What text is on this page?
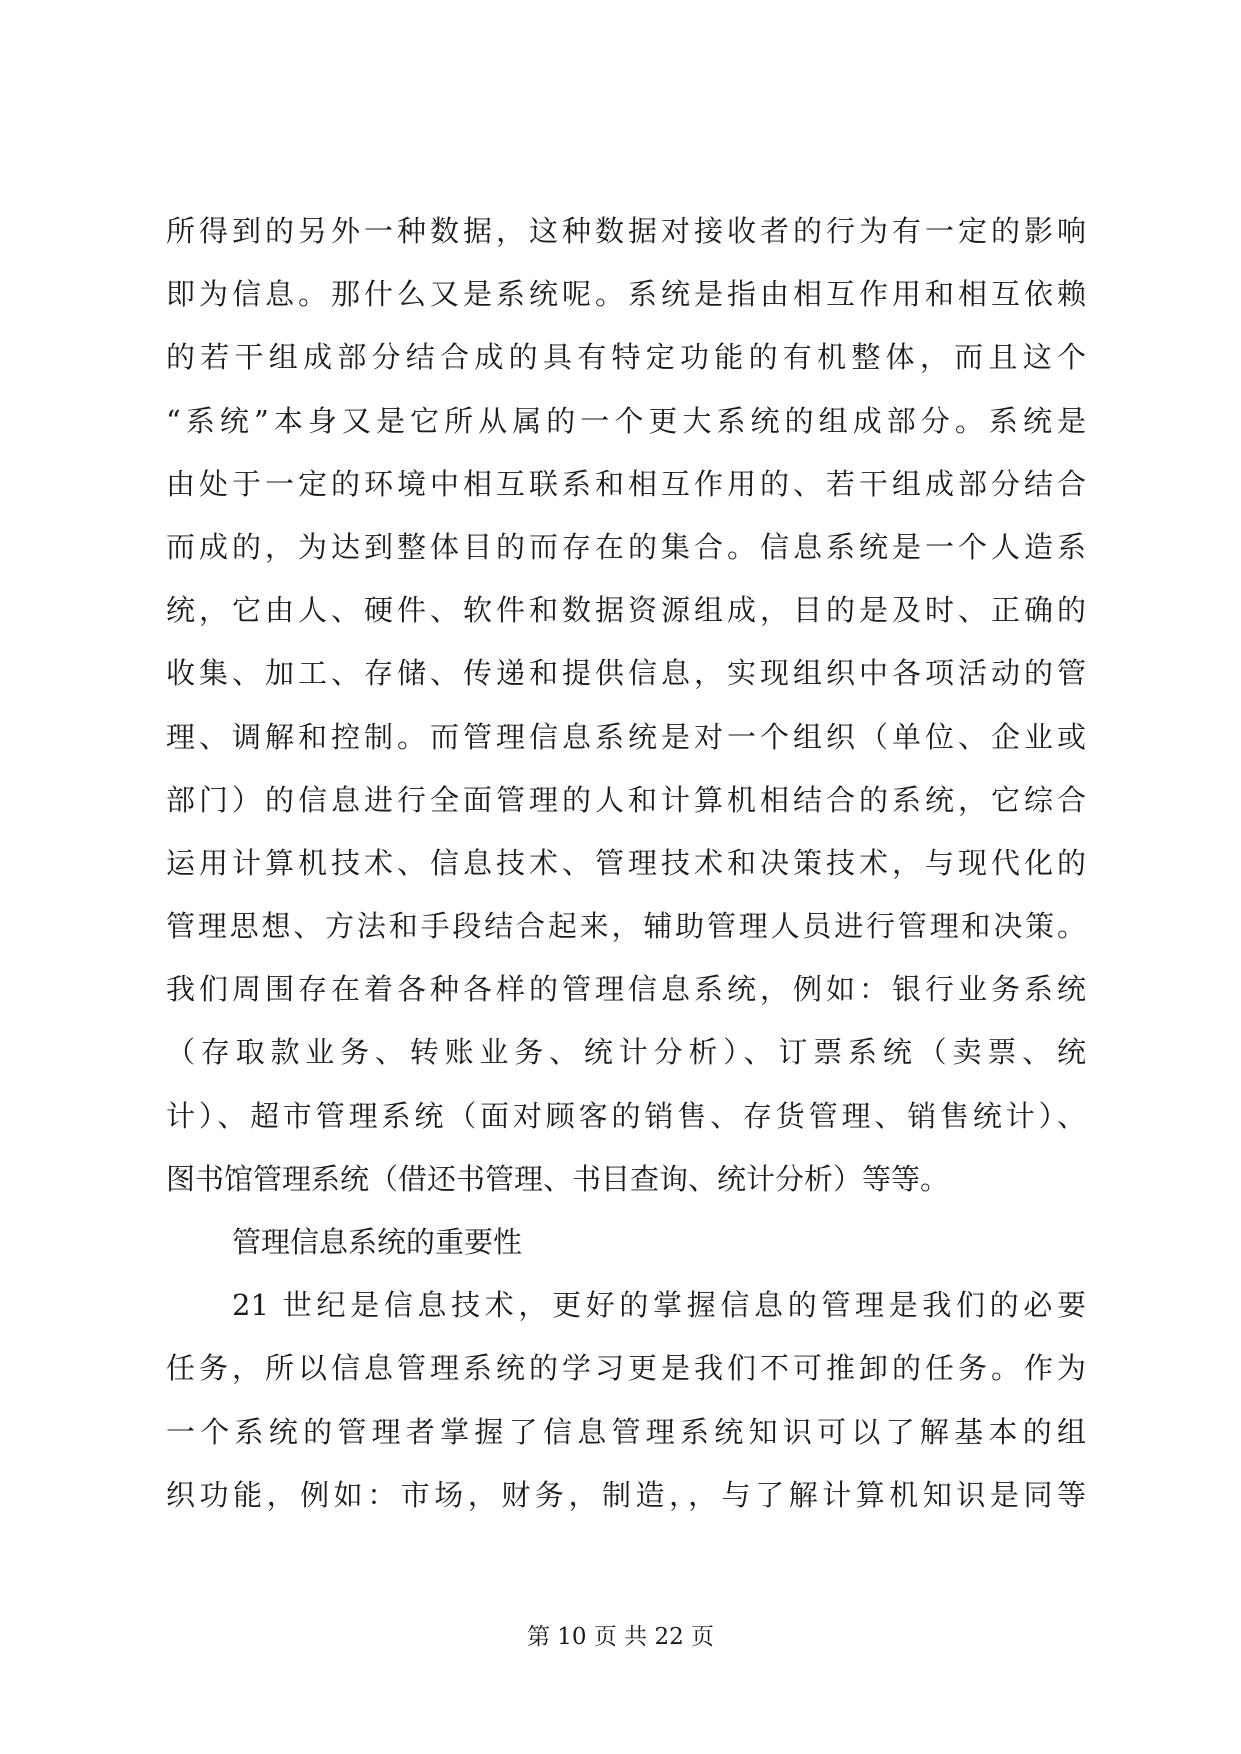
所得到的另外一种数据，这种数据对接收者的行为有一定的影响
即为信息。那什么又是系统呢。系统是指由相互作用和相互依赖
的若干组成部分结合成的具有特定功能的有机整体，而且这个
“系统”本身又是它所从属的一个更大系统的组成部分。系统是
由处于一定的环境中相互联系和相互作用的、若干组成部分结合
而成的，为达到整体目的而存在的集合。信息系统是一个人造系
统，它由人、硬件、软件和数据资源组成，目的是及时、正确的
收集、加工、存储、传递和提供信息，实现组织中各项活动的管
理、调解和控制。而管理信息系统是对一个组织（单位、企业或
部门）的信息进行全面管理的人和计算机相结合的系统，它综合
运用计算机技术、信息技术、管理技术和决策技术，与现代化的
管理思想、方法和手段结合起来，辅助管理人员进行管理和决策。
我们周围存在着各种各样的管理信息系统，例如：银行业务系统
（存取款业务、转账业务、统计分析）、订票系统（卖票、统
计）、超市管理系统（面对顾客的销售、存货管理、销售统计）、
图书馆管理系统（借还书管理、书目查询、统计分析）等等。
管理信息系统的重要性
21 世纪是信息技术，更好的掌握信息的管理是我们的必要
任务，所以信息管理系统的学习更是我们不可推卸的任务。作为
一个系统的管理者掌握了信息管理系统知识可以了解基本的组
织功能，例如：市场，财务，制造，，与了解计算机知识是同等
第 10 页 共 22 页
